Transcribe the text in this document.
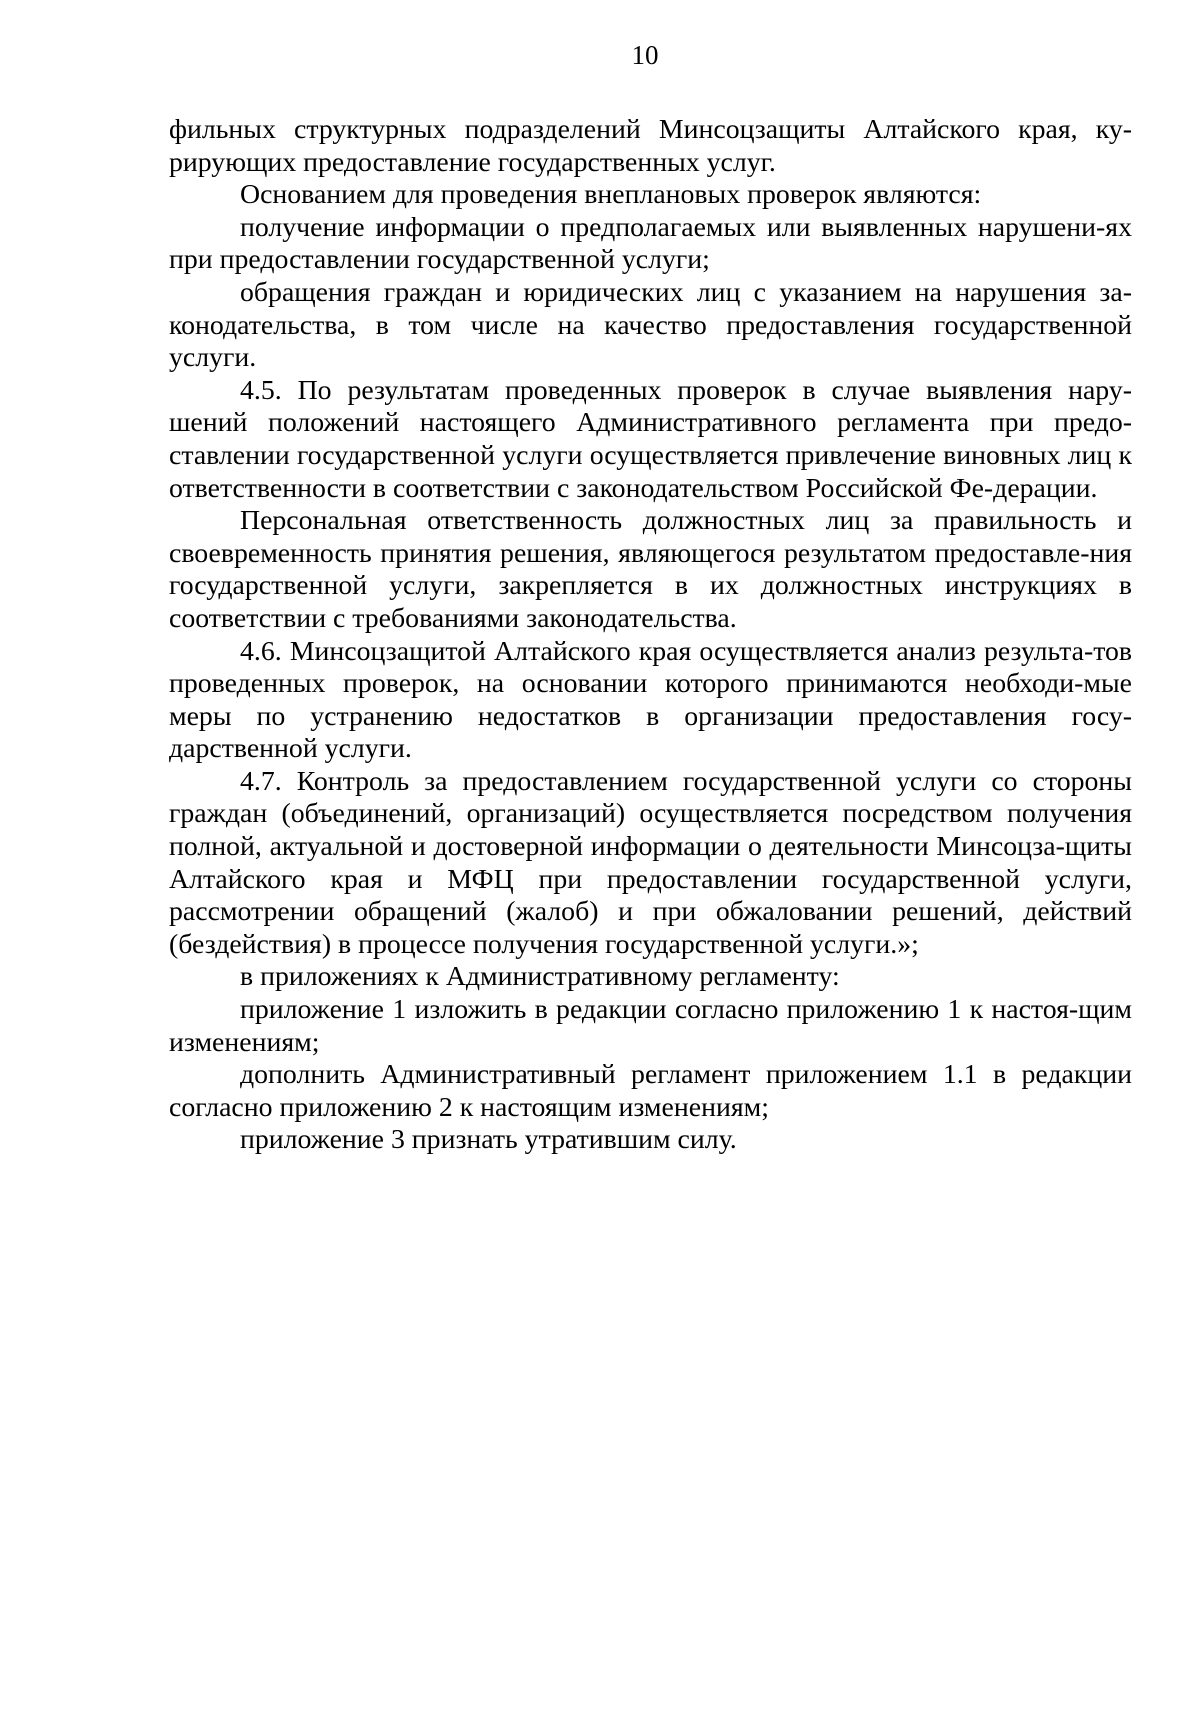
10

фильных структурных подразделений Минсоцзащиты Алтайского края, ку-рирующих предоставление государственных услуг.

Основанием для проведения внеплановых проверок являются:

получение информации о предполагаемых или выявленных нарушени-ях при предоставлении государственной услуги;

обращения граждан и юридических лиц с указанием на нарушения за-конодательства, в том числе на качество предоставления государственной услуги.

4.5. По результатам проведенных проверок в случае выявления нару-шений положений настоящего Административного регламента при предо-ставлении государственной услуги осуществляется привлечение виновных лиц к ответственности в соответствии с законодательством Российской Фе-дерации.

Персональная ответственность должностных лиц за правильность и своевременность принятия решения, являющегося результатом предоставле-ния государственной услуги, закрепляется в их должностных инструкциях в соответствии с требованиями законодательства.

4.6. Минсоцзащитой Алтайского края осуществляется анализ результа-тов проведенных проверок, на основании которого принимаются необходи-мые меры по устранению недостатков в организации предоставления госу-дарственной услуги.

4.7. Контроль за предоставлением государственной услуги со стороны граждан (объединений, организаций) осуществляется посредством получения полной, актуальной и достоверной информации о деятельности Минсоцза-щиты Алтайского края и МФЦ при предоставлении государственной услуги, рассмотрении обращений (жалоб) и при обжаловании решений, действий (бездействия) в процессе получения государственной услуги.»;

в приложениях к Административному регламенту:

приложение 1 изложить в редакции согласно приложению 1 к настоя-щим изменениям;

дополнить Административный регламент приложением 1.1 в редакции согласно приложению 2 к настоящим изменениям;

приложение 3 признать утратившим силу.
